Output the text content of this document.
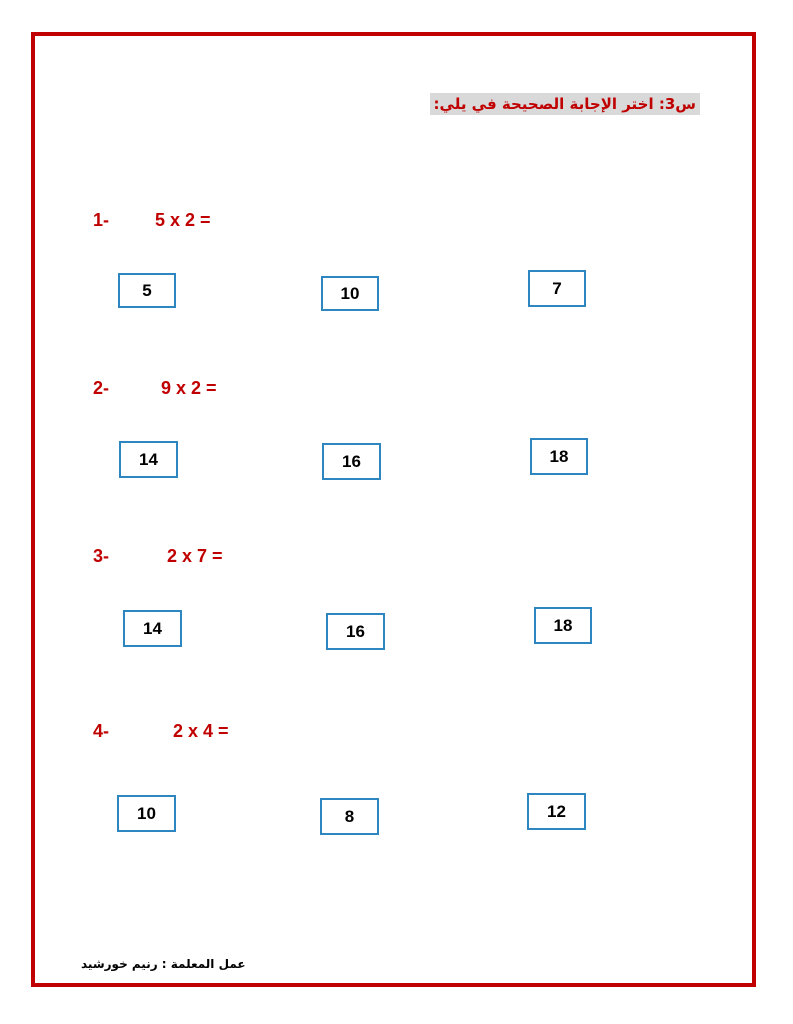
س3: اختر الإجابة الصحيحة في يلي:
1-	5 x 2 =
5	10	7
2-	9 x 2 =
14	16	18
3-	2 x 7 =
14	16	18
4-	2 x 4 =
10	8	12
عمل المعلمة : رنيم خورشيد
